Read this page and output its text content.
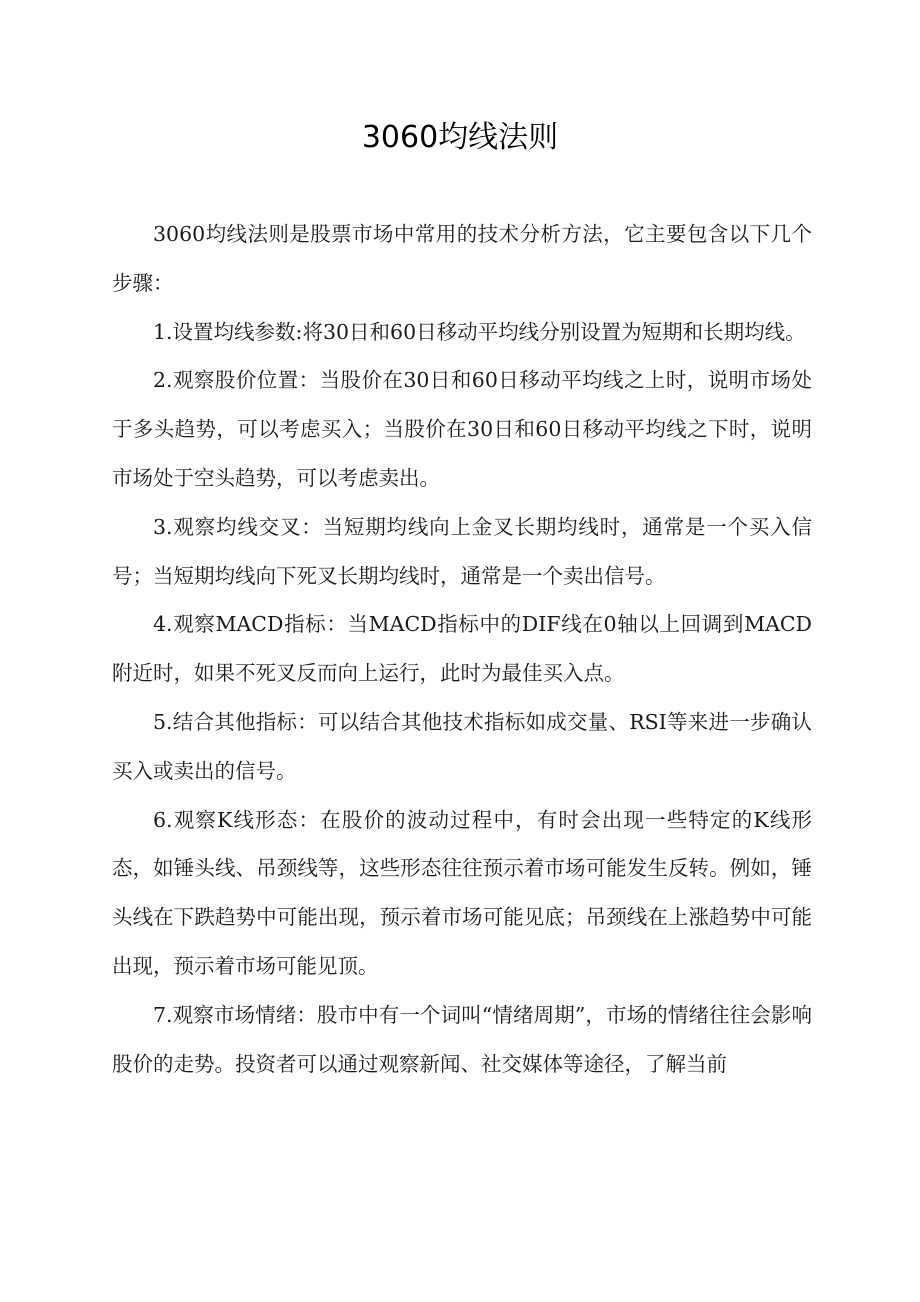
3060均线法则

3060均线法则是股票市场中常用的技术分析方法，它主要包含以下几个步骤：

1.设置均线参数:将30日和60日移动平均线分别设置为短期和长期均线。

2.观察股价位置：当股价在30日和60日移动平均线之上时，说明市场处于多头趋势，可以考虑买入；当股价在30日和60日移动平均线之下时，说明市场处于空头趋势，可以考虑卖出。

3.观察均线交叉：当短期均线向上金叉长期均线时，通常是一个买入信号；当短期均线向下死叉长期均线时，通常是一个卖出信号。

4.观察MACD指标：当MACD指标中的DIF线在0轴以上回调到MACD附近时，如果不死叉反而向上运行，此时为最佳买入点。

5.结合其他指标：可以结合其他技术指标如成交量、RSI等来进一步确认买入或卖出的信号。

6.观察K线形态：在股价的波动过程中，有时会出现一些特定的K线形态，如锤头线、吊颈线等，这些形态往往预示着市场可能发生反转。例如，锤头线在下跌趋势中可能出现，预示着市场可能见底；吊颈线在上涨趋势中可能出现，预示着市场可能见顶。

7.观察市场情绪：股市中有一个词叫“情绪周期”，市场的情绪往往会影响股价的走势。投资者可以通过观察新闻、社交媒体等途径，了解当前
